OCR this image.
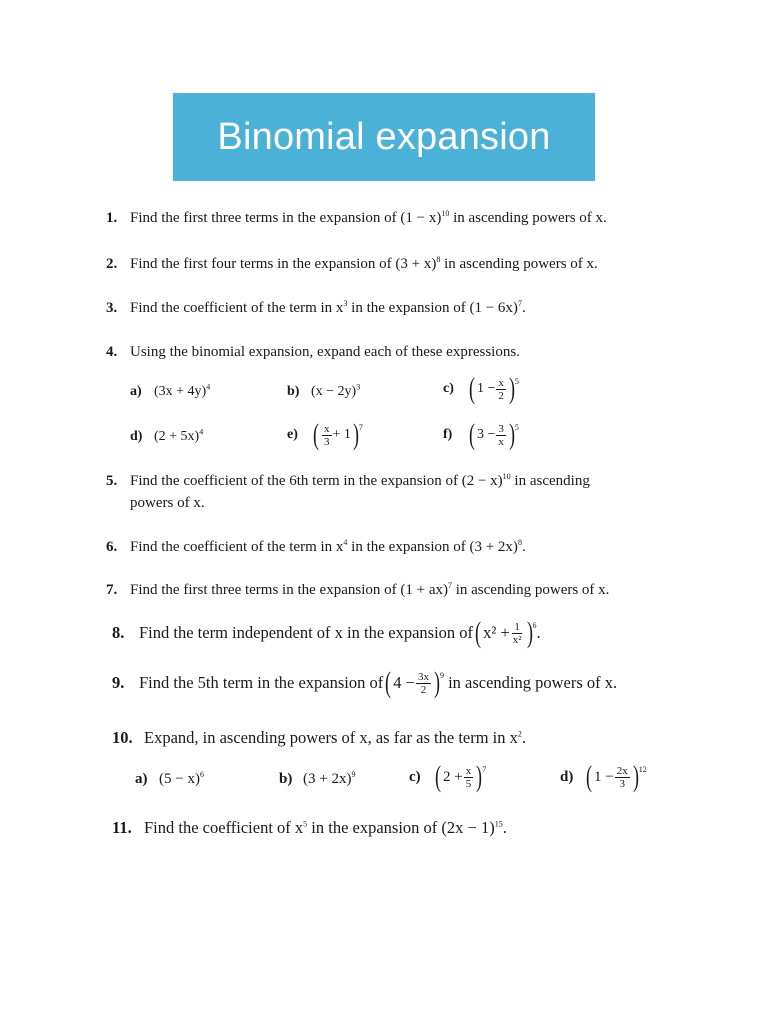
Binomial expansion
1. Find the first three terms in the expansion of $(1 - x)^{10}$ in ascending powers of x.
2. Find the first four terms in the expansion of $(3 + x)^8$ in ascending powers of x.
3. Find the coefficient of the term in $x^3$ in the expansion of $(1 - 6x)^7$.
4. Using the binomial expansion, expand each of these expressions.
a) $(3x + 4y)^4$	b) $(x - 2y)^3$	c) ( $1 - \frac{x}{2}$ ) 5
d) $(2 + 5x)^4$	e) ( $\frac{x}{3} + 1$ ) 7	f) ( $3 - \frac{3}{x}$ ) 5
5. Find the coefficient of the 6th term in the expansion of $(2 - x)^{10}$ in ascending
powers of x.
6. Find the coefficient of the term in $x^4$ in the expansion of $(3 + 2x)^8$.
7. Find the first three terms in the expansion of (1 + ax)$^7$ in ascending powers of x.
8. Find the term independent of x in the expansion of ( $x^2 + \frac{1}{\text{x²}}$ ) 6 .
9. Find the 5th term in the expansion of ( $4 - \frac{3x}{2}$ ) 9 in ascending powers of x.
10. Expand, in ascending powers of x, as far as the term in $x^2$.
a) $(5 - x)^6$	b) $(3 + 2x)^9$	c) ( $2 + \frac{x}{5}$ ) 7	d) ( $1 - \frac{2x}{3}$ ) 12
11. Find the coefficient of $x^5$ in the expansion of $(2x - 1)^{15}$.
